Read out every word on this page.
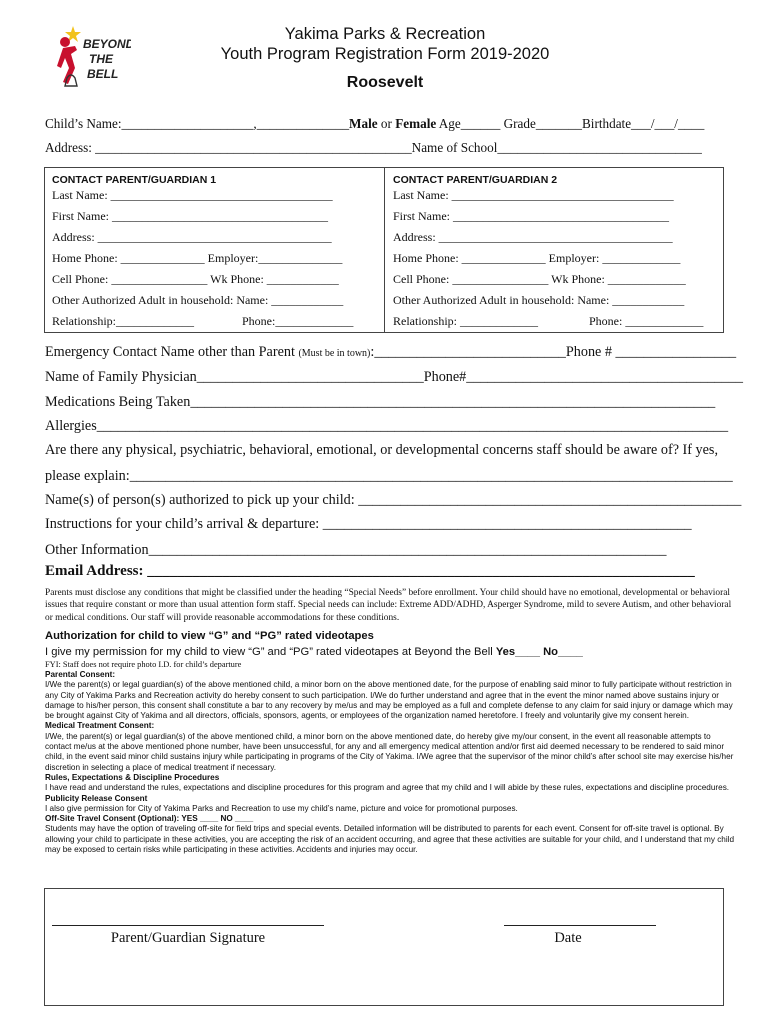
BEYOND
THE
BELL
Yakima Parks & Recreation
Youth Program Registration Form 2019-2020
Roosevelt
Child’s Name:____________________,______________Male or Female Age______ Grade_______Birthdate___/___/____
Address: ________________________________________________Name of School_______________________________
CONTACT PARENT/GUARDIAN 1
Last Name: _____________________________________
First Name: ____________________________________
Address: _______________________________________
Home Phone: ______________ Employer:______________
Cell Phone: ________________ Wk Phone: ____________
Other Authorized Adult in household: Name: ____________
Relationship:_____________	Phone:_____________
CONTACT PARENT/GUARDIAN 2
Last Name: _____________________________________
First Name: ____________________________________
Address: _______________________________________
Home Phone: ______________ Employer: _____________
Cell Phone: ________________ Wk Phone: _____________
Other Authorized Adult in household: Name: ____________
Relationship: _____________	Phone: _____________
Emergency Contact Name other than Parent (Must be in town):___________________________Phone # _________________
Name of Family Physician________________________________Phone#_______________________________________
Medications Being Taken__________________________________________________________________________
Allergies_________________________________________________________________________________________
Are there any physical, psychiatric, behavioral, emotional, or developmental concerns staff should be aware of? If yes,
please explain:_____________________________________________________________________________________
Name(s) of person(s) authorized to pick up your child: ______________________________________________________
Instructions for your child’s arrival & departure: ____________________________________________________
Other Information_________________________________________________________________________
Email Address: _________________________________________________________________________
Parents must disclose any conditions that might be classified under the heading “Special Needs” before enrollment. Your child should have no emotional, developmental or behavioral issues that require constant or more than usual attention form staff. Special needs can include: Extreme ADD/ADHD, Asperger Syndrome, mild to severe Autism, and other behavioral or medical conditions. Our staff will provide reasonable accommodations for these conditions.
Authorization for child to view “G” and “PG” rated videotapes
I give my permission for my child to view “G” and “PG” rated videotapes at Beyond the Bell Yes____ No____
FYI: Staff does not require photo I.D. for child’s departure
Parental Consent:
I/We the parent(s) or legal guardian(s) of the above mentioned child, a minor born on the above mentioned date, for the purpose of enabling said minor to fully participate without restriction in any City of Yakima Parks and Recreation activity do hereby consent to such participation. I/We do further understand and agree that in the event the minor named above sustains injury or damage to his/her person, this consent shall constitute a bar to any recovery by me/us and may be employed as a full and complete defense to any claim for said injury or damage which may be brought against City of Yakima and all directors, officials, sponsors, agents, or employees of the organization named heretofore. I freely and voluntarily give my consent herein.
Medical Treatment Consent:
I/We, the parent(s) or legal guardian(s) of the above mentioned child, a minor born on the above mentioned date, do hereby give my/our consent, in the event all reasonable attempts to contact me/us at the above mentioned phone number, have been unsuccessful, for any and all emergency medical attention and/or first aid deemed necessary to be rendered to said minor child, in the event said minor child sustains injury while participating in programs of the City of Yakima. I/We agree that the supervisor of the minor child’s after school site may exercise his/her discretion in selecting a place of medical treatment if necessary.
Rules, Expectations & Discipline Procedures
I have read and understand the rules, expectations and discipline procedures for this program and agree that my child and I will abide by these rules, expectations and discipline procedures.
Publicity Release Consent
I also give permission for City of Yakima Parks and Recreation to use my child’s name, picture and voice for promotional purposes.
Off-Site Travel Consent (Optional): YES ____ NO ____
Students may have the option of traveling off-site for field trips and special events. Detailed information will be distributed to parents for each event. Consent for off-site travel is optional. By allowing your child to participate in these activities, you are accepting the risk of an accident occurring, and agree that these activities are suitable for your child, and I understand that my child may be exposed to certain risks while participating in these activities. Accidents and injuries may occur.
Parent/Guardian Signature	Date
